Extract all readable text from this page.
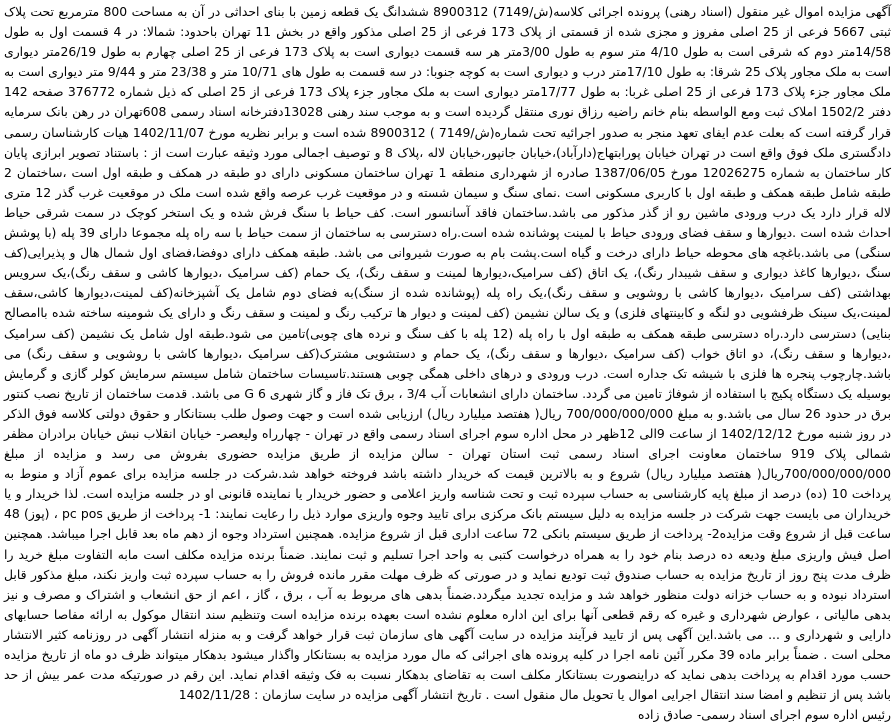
آگهی مزایده اموال غیر منقول (اسناد رهنی) پرونده اجرائی کلاسه(ش/7149) 8900312 ششدانگ یک قطعه زمین با بنای احداثی در آن به مساحت 800 مترمربع تحت پلاک ثبتی 5667 فرعی از 25 اصلی مفروز و مجزی شده از قسمتی از پلاک 173 فرعی از 25 اصلی مذکور واقع در بخش 11 تهران باحدود: شمالا: در 4 قسمت اول به طول 14/58متر دوم که شرقی است به طول 4/10 متر سوم به طول 3/00متر هر سه قسمت دیواری است به پلاک 173 فرعی از 25 اصلی چهارم به طول 26/19متر دیواری است به ملک مجاور پلاک 25 شرقا: به طول 17/10متر درب و دیواری است به کوچه جنوبا: در سه قسمت به طول های 10/71 متر و 23/38 متر و 9/44 متر دیواری است به ملک مجاور جزء پلاک 173 فرعی از 25 اصلی غربا: به طول 17/77متر دیواری است به ملک مجاور جزء پلاک 173 فرعی از 25 اصلی که ذیل شماره 376772 صفحه 142 دفتر 1502/2 املاک ثبت ومع الواسطه بنام خانم راضیه رزاق نوری منتقل گردیده است و به موجب سند رهنی 13028دفترخانه اسناد رسمی 608تهران در رهن بانک سرمایه قرار گرفته است که بعلت عدم ایفای تعهد منجر به صدور اجرائیه تحت شماره(ش/7149 ) 8900312 شده است و برابر نظریه مورخ 1402/11/07 هیات کارشناسان رسمی دادگستری ملک فوق واقع است در تهران خیابان پورابتهاج(دارآباد)،خیابان جانپور،خیابان لاله ،پلاک 8 و توصیف اجمالی مورد وثیقه عبارت است از : باستناد تصویر ابرازی پایان کار ساختمان به شماره 12026275 مورخ 1387/06/05 صادره از شهرداری منطقه 1 تهران ساختمان مسکونی دارای دو طبقه در همکف و طبقه اول است ،ساختمان 2 طبقه شامل طبقه همکف و طبقه اول با کاربری مسکونی است .نمای سنگ و سیمان شسته و در موقعیت غرب عرصه واقع شده است ملک در موقعیت غرب گذر 12 متری لاله قرار دارد یک درب ورودی ماشین رو از گذر مذکور می باشد.ساختمان فاقد آسانسور است. کف حیاط با سنگ فرش شده و یک استخر کوچک در سمت شرقی حیاط احداث شده است .دیوارها و سقف فضای ورودی حیاط با لمینت پوشانده شده است.راه دسترسی به ساختمان از سمت حیاط با سه راه پله مجموعا دارای 39 پله (با پوشش سنگی) می باشد.باغچه های محوطه حیاط دارای درخت و گیاه است.پشت بام به صورت شیروانی می باشد. طبقه همکف دارای دوفضا،فضای اول شمال هال و پذیرایی(کف سنگ ،دیوارها کاغذ دیواری و سقف شیبدار رنگ)، یک اتاق (کف سرامیک،دیوارها لمینت و سقف رنگ)، یک حمام (کف سرامیک ،دیوارها کاشی و سقف رنگ)،یک سرویس بهداشتی (کف سرامیک ،دیوارها کاشی با روشویی و سقف رنگ)،یک راه پله (پوشانده شده از سنگ)به فضای دوم شامل یک آشپزخانه(کف لمینت،دیوارها کاشی،سقف لمینت،یک سینک ظرفشویی دو لنگه و کابینتهای فلزی) و یک سالن نشیمن (کف لمینت و دیوار ها ترکیب رنگ و لمینت و سقف رنگ و دارای یک شومینه ساخته شده باامصالح بنایی) دسترسی دارد.راه دسترسی طبقه همکف به طبقه اول با راه پله (12 پله با کف سنگ و نرده های چوبی)تامین می شود.طبقه اول شامل یک نشیمن (کف سرامیک ،دیوارها و سقف رنگ)، دو اتاق خواب (کف سرامیک ،دیوارها و سقف رنگ)، یک حمام و دستشویی مشترک(کف سرامیک ،دیوارها کاشی با روشویی و سقف رنگ) می باشد.چارچوب پنجره ها فلزی با شیشه تک جداره است. درب ورودی و درهای داخلی همگی چوبی هستند.تاسیسات ساختمان شامل سیستم سرمایش کولر گازی و گرمایش بوسیله یک دستگاه پکیج با استفاده از شوفاژ تامین می گردد. ساختمان دارای انشعابات آب 3/4 ، برق تک فاز و گاز شهری G 6 می باشد. قدمت ساختمان از تاریخ نصب کنتور برق در حدود 26 سال می باشد.و به مبلغ 700/000/000/000 ریال( هفتصد میلیارد ریال) ارزیابی شده است و جهت وصول طلب بستانکار و حقوق دولتی کلاسه فوق الذکر در روز شنبه مورخ 1402/12/12 از ساعت 9الی 12ظهر در محل اداره سوم اجرای اسناد رسمی واقع در تهران - چهارراه ولیعصر- خیابان انقلاب نبش خیابان برادران مظفر شمالی پلاک 919 ساختمان معاونت اجرای اسناد رسمی ثبت استان تهران - سالن مزایده از طریق مزایده حضوری بفروش می رسد و مزایده از مبلغ 700/000/000/000ریال( هفتصد میلیارد ریال) شروع و به بالاترین قیمت که خریدار داشته باشد فروخته خواهد شد.شرکت در جلسه مزایده برای عموم آزاد و منوط به پرداخت 10 (ده) درصد از مبلغ پایه کارشناسی به حساب سپرده ثبت و تحت شناسه واریز اعلامی و حضور خریدار یا نماینده قانونی او در جلسه مزایده است. لذا خریدار و یا خریداران می بایست جهت شرکت در جلسه مزایده به دلیل سیستم بانک مرکزی برای تایید وجوه واریزی موارد ذیل را رعایت نمایند: 1- پرداخت از طریق pc pos ، (پوز) 48 ساعت قبل از شروع وقت مزایده2- پرداخت از طریق سیستم بانکی 72 ساعت اداری قبل از شروع مزایده. همچنین استرداد وجوه از دهم ماه بعد قابل اجرا میباشد. همچنین اصل فیش واریزی مبلغ ودیعه ده درصد بنام خود را به همراه درخواست کتبی به واحد اجرا تسلیم و ثبت نمایند. ضمناً برنده مزایده مکلف است مابه التفاوت مبلغ خرید را ظرف مدت پنج روز از تاریخ مزایده به حساب صندوق ثبت تودیع نماید و در صورتی که ظرف مهلت مقرر مانده فروش را به حساب سپرده ثبت واریز نکند، مبلغ مذکور قابل استرداد نبوده و به حساب خزانه دولت منظور خواهد شد و مزایده تجدید میگردد.ضمناً بدهی های مربوط به آب ، برق ، گاز ، اعم از حق انشعاب و اشتراک و مصرف و نیز بدهی مالیاتی ، عوارض شهرداری و غیره که رقم قطعی آنها برای این اداره معلوم نشده است بعهده برنده مزایده است وتنظیم سند انتقال موکول به ارائه مفاصا حسابهای دارایی و شهرداری و ... می باشد.این آگهی پس از تایید فرآیند مزایده در سایت آگهی های سازمان ثبت قرار خواهد گرفت و به منزله انتشار آگهی در روزنامه کثیر الانتشار محلی است . ضمناً برابر ماده 39 مکرر آئین نامه اجرا در کلیه پرونده های اجرائی که مال مورد مزایده به بستانکار واگذار میشود بدهکار میتواند ظرف دو ماه از تاریخ مزایده حسب مورد اقدام به پرداخت بدهی نماید که دراینصورت بستانکار مکلف است به تقاضای بدهکار نسبت به فک وثیقه اقدام نماید. این رقم در صورتیکه مدت عمر بیش از حد باشد پس از تنظیم و امضا سند انتقال اجرایی اموال یا تحویل مال منقول است . تاریخ انتشار آگهی مزایده در سایت سازمان : 1402/11/28

رئیس اداره سوم اجرای اسناد رسمی- صادق زاده
